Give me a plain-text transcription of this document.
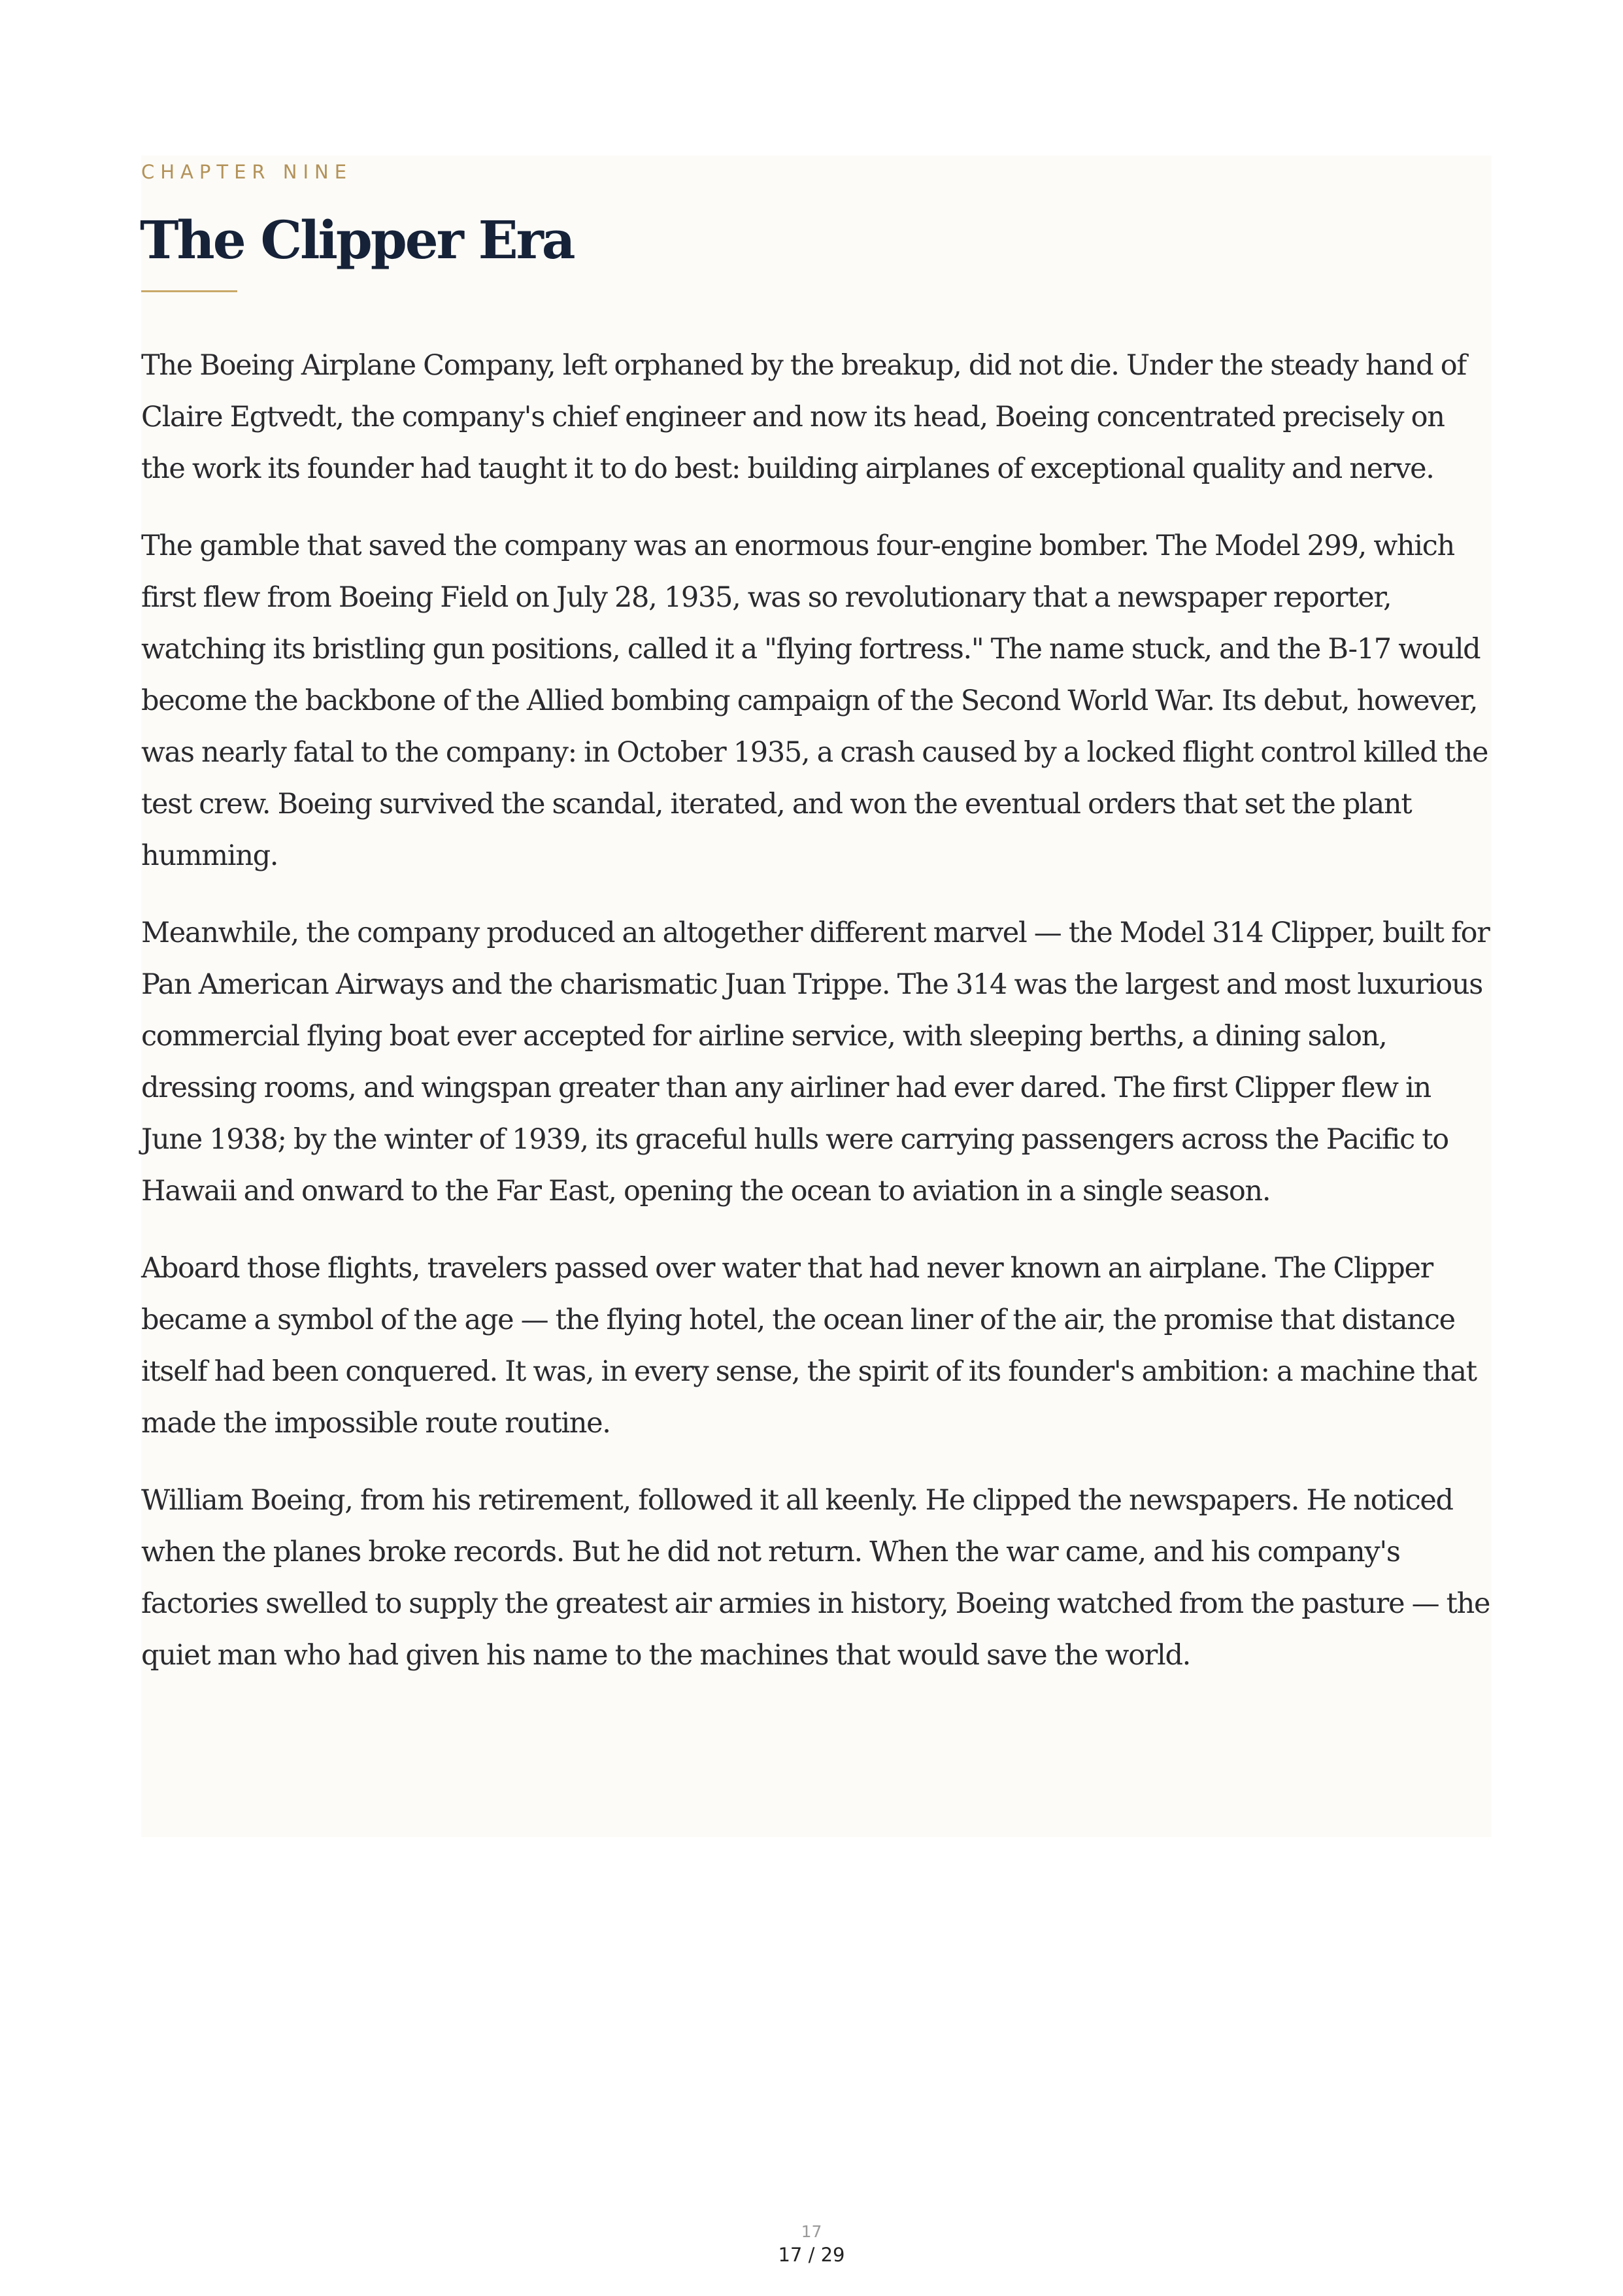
CHAPTER NINE
The Clipper Era

The Boeing Airplane Company, left orphaned by the breakup, did not die. Under the steady hand of Claire Egtvedt, the company's chief engineer and now its head, Boeing concentrated precisely on the work its founder had taught it to do best: building airplanes of exceptional quality and nerve.

The gamble that saved the company was an enormous four-engine bomber. The Model 299, which first flew from Boeing Field on July 28, 1935, was so revolutionary that a newspaper reporter, watching its bristling gun positions, called it a "flying fortress." The name stuck, and the B-17 would become the backbone of the Allied bombing campaign of the Second World War. Its debut, however, was nearly fatal to the company: in October 1935, a crash caused by a locked flight control killed the test crew. Boeing survived the scandal, iterated, and won the eventual orders that set the plant humming.

Meanwhile, the company produced an altogether different marvel — the Model 314 Clipper, built for Pan American Airways and the charismatic Juan Trippe. The 314 was the largest and most luxurious commercial flying boat ever accepted for airline service, with sleeping berths, a dining salon, dressing rooms, and wingspan greater than any airliner had ever dared. The first Clipper flew in June 1938; by the winter of 1939, its graceful hulls were carrying passengers across the Pacific to Hawaii and onward to the Far East, opening the ocean to aviation in a single season.

Aboard those flights, travelers passed over water that had never known an airplane. The Clipper became a symbol of the age — the flying hotel, the ocean liner of the air, the promise that distance itself had been conquered. It was, in every sense, the spirit of its founder's ambition: a machine that made the impossible route routine.

William Boeing, from his retirement, followed it all keenly. He clipped the newspapers. He noticed when the planes broke records. But he did not return. When the war came, and his company's factories swelled to supply the greatest air armies in history, Boeing watched from the pasture — the quiet man who had given his name to the machines that would save the world.

17
17 / 29
